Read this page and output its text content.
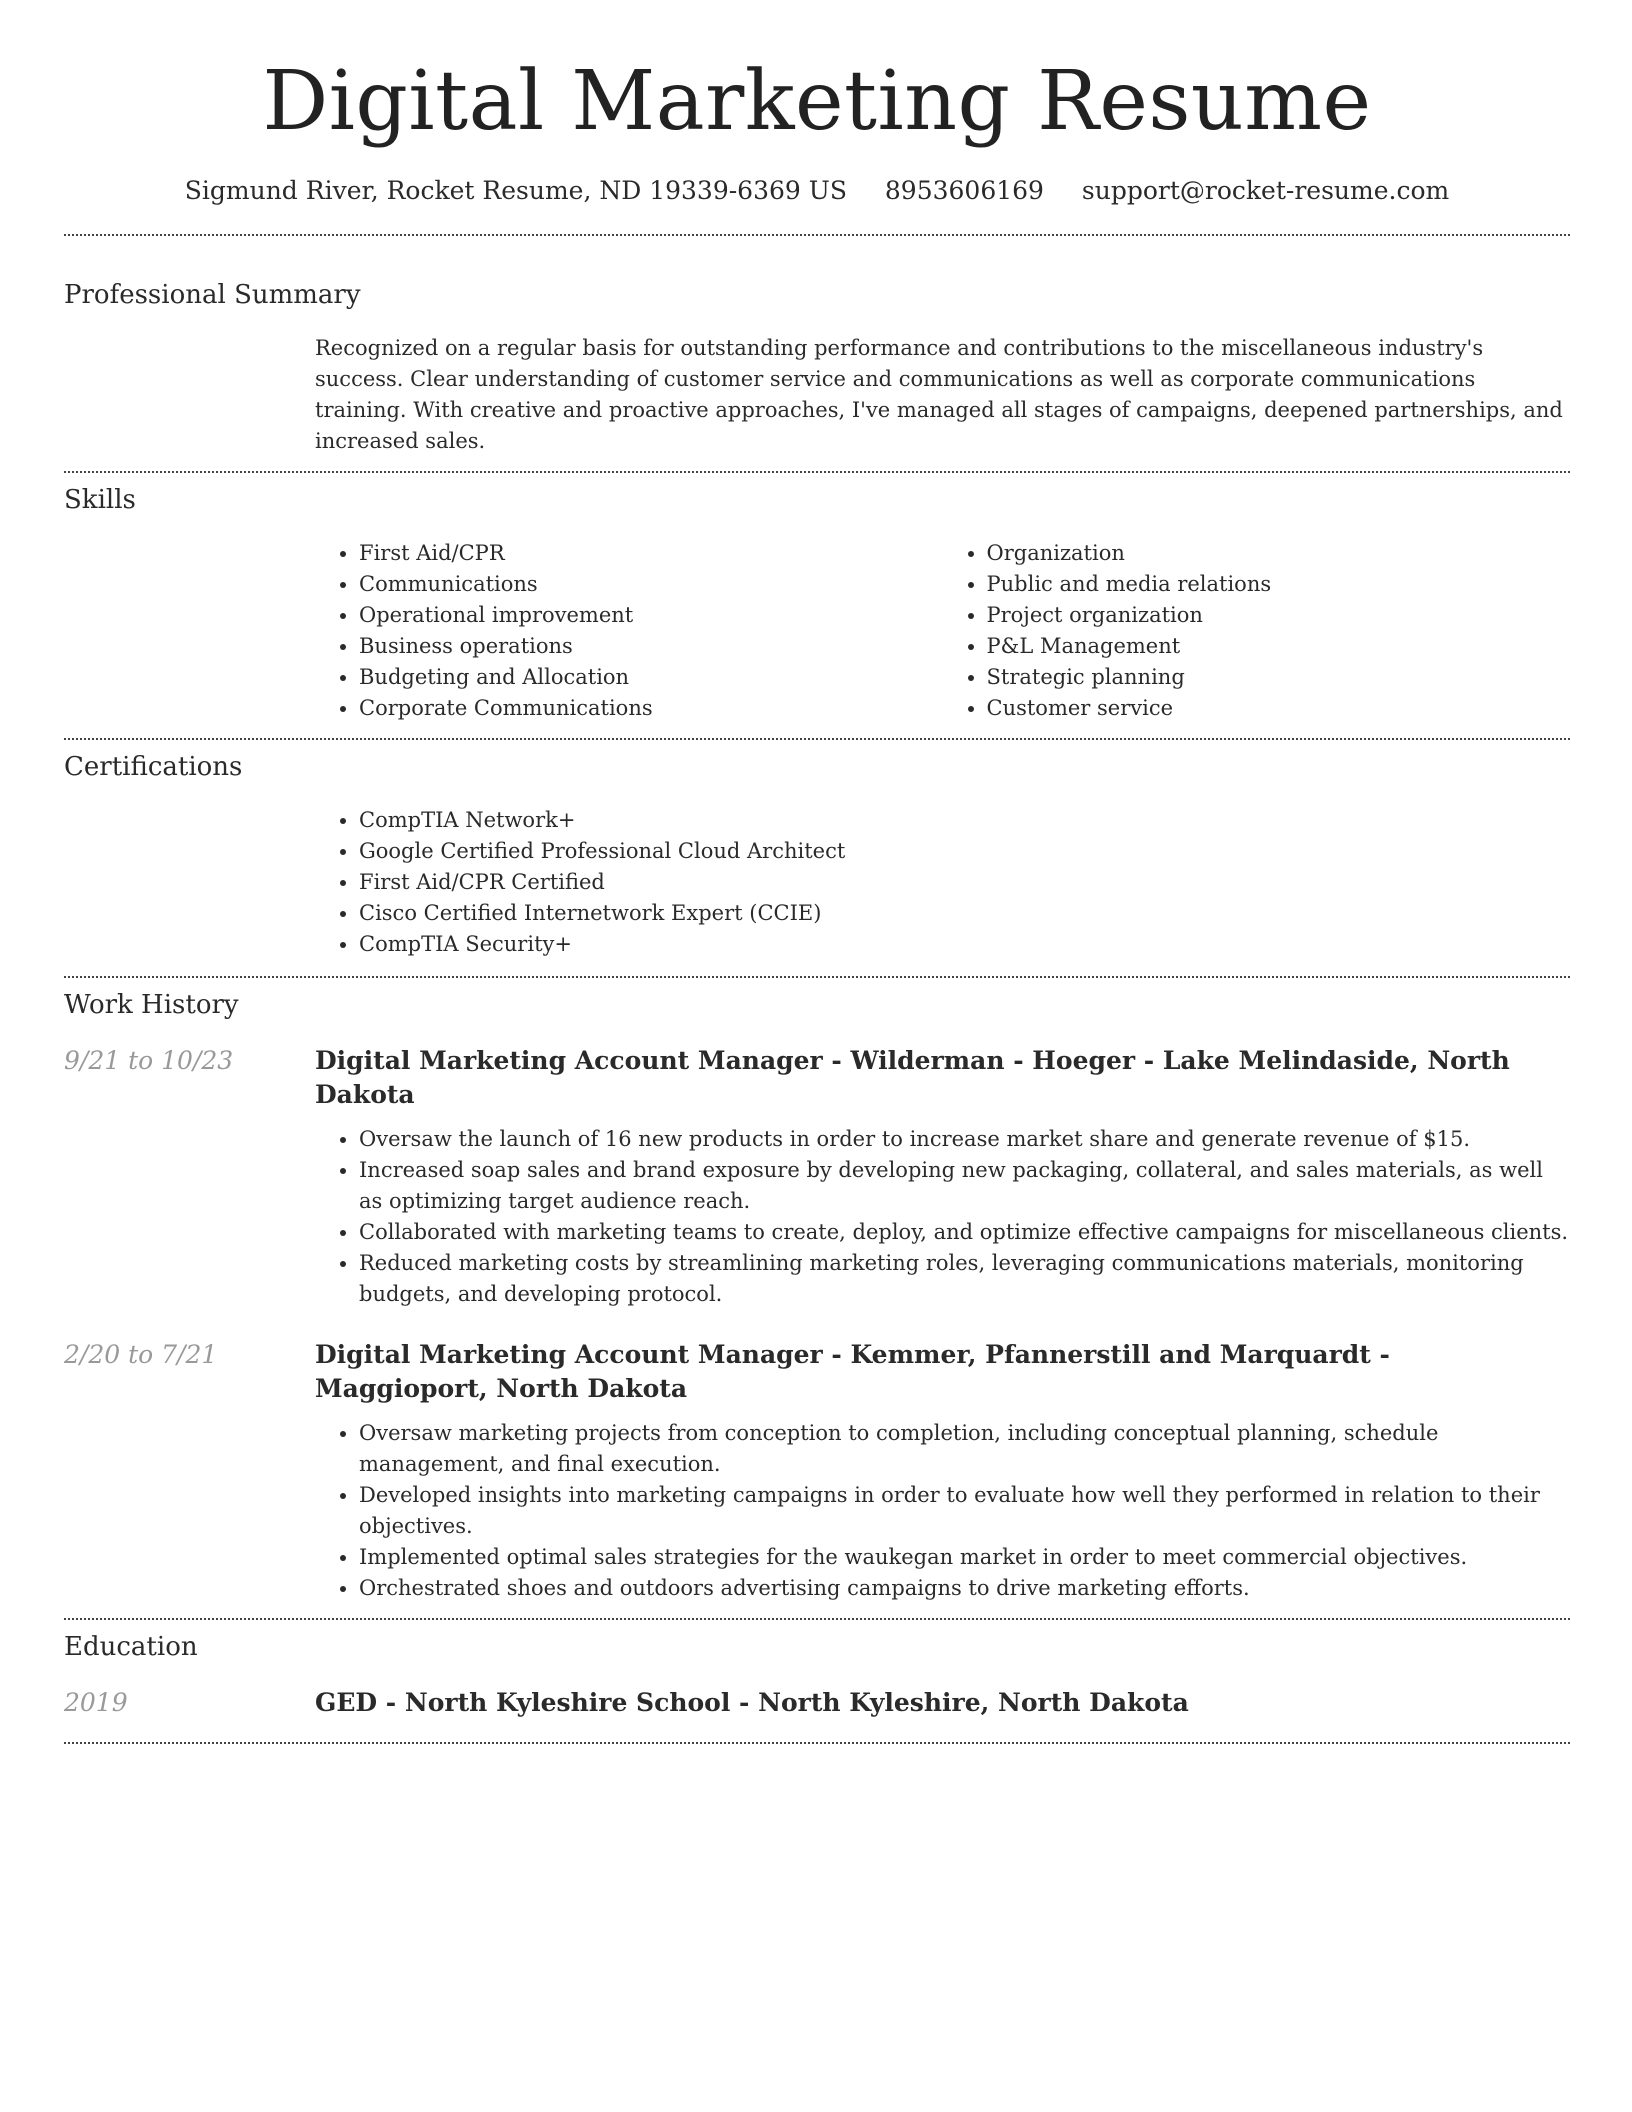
Digital Marketing Resume
Sigmund River, Rocket Resume, ND 19339-6369 US 8953606169 support@rocket-resume.com
Professional Summary

Recognized on a regular basis for outstanding performance and contributions to the miscellaneous industry's success. Clear understanding of customer service and communications as well as corporate communications training. With creative and proactive approaches, I've managed all stages of campaigns, deepened partnerships, and increased sales.

Skills
• First Aid/CPR
• Communications
• Operational improvement
• Business operations
• Budgeting and Allocation
• Corporate Communications
• Organization
• Public and media relations
• Project organization
• P&L Management
• Strategic planning
• Customer service
Certifications
• CompTIA Network+
• Google Certified Professional Cloud Architect
• First Aid/CPR Certified
• Cisco Certified Internetwork Expert (CCIE)
• CompTIA Security+
Work History
9/21 to 10/23	Digital Marketing Account Manager - Wilderman - Hoeger - Lake Melindaside, North Dakota
• Oversaw the launch of 16 new products in order to increase market share and generate revenue of $15.
• Increased soap sales and brand exposure by developing new packaging, collateral, and sales materials, as well as optimizing target audience reach.
• Collaborated with marketing teams to create, deploy, and optimize effective campaigns for miscellaneous clients.
• Reduced marketing costs by streamlining marketing roles, leveraging communications materials, monitoring budgets, and developing protocol.
2/20 to 7/21	Digital Marketing Account Manager - Kemmer, Pfannerstill and Marquardt - Maggioport, North Dakota
• Oversaw marketing projects from conception to completion, including conceptual planning, schedule management, and final execution.
• Developed insights into marketing campaigns in order to evaluate how well they performed in relation to their objectives.
• Implemented optimal sales strategies for the waukegan market in order to meet commercial objectives.
• Orchestrated shoes and outdoors advertising campaigns to drive marketing efforts.
Education
2019	GED - North Kyleshire School - North Kyleshire, North Dakota
